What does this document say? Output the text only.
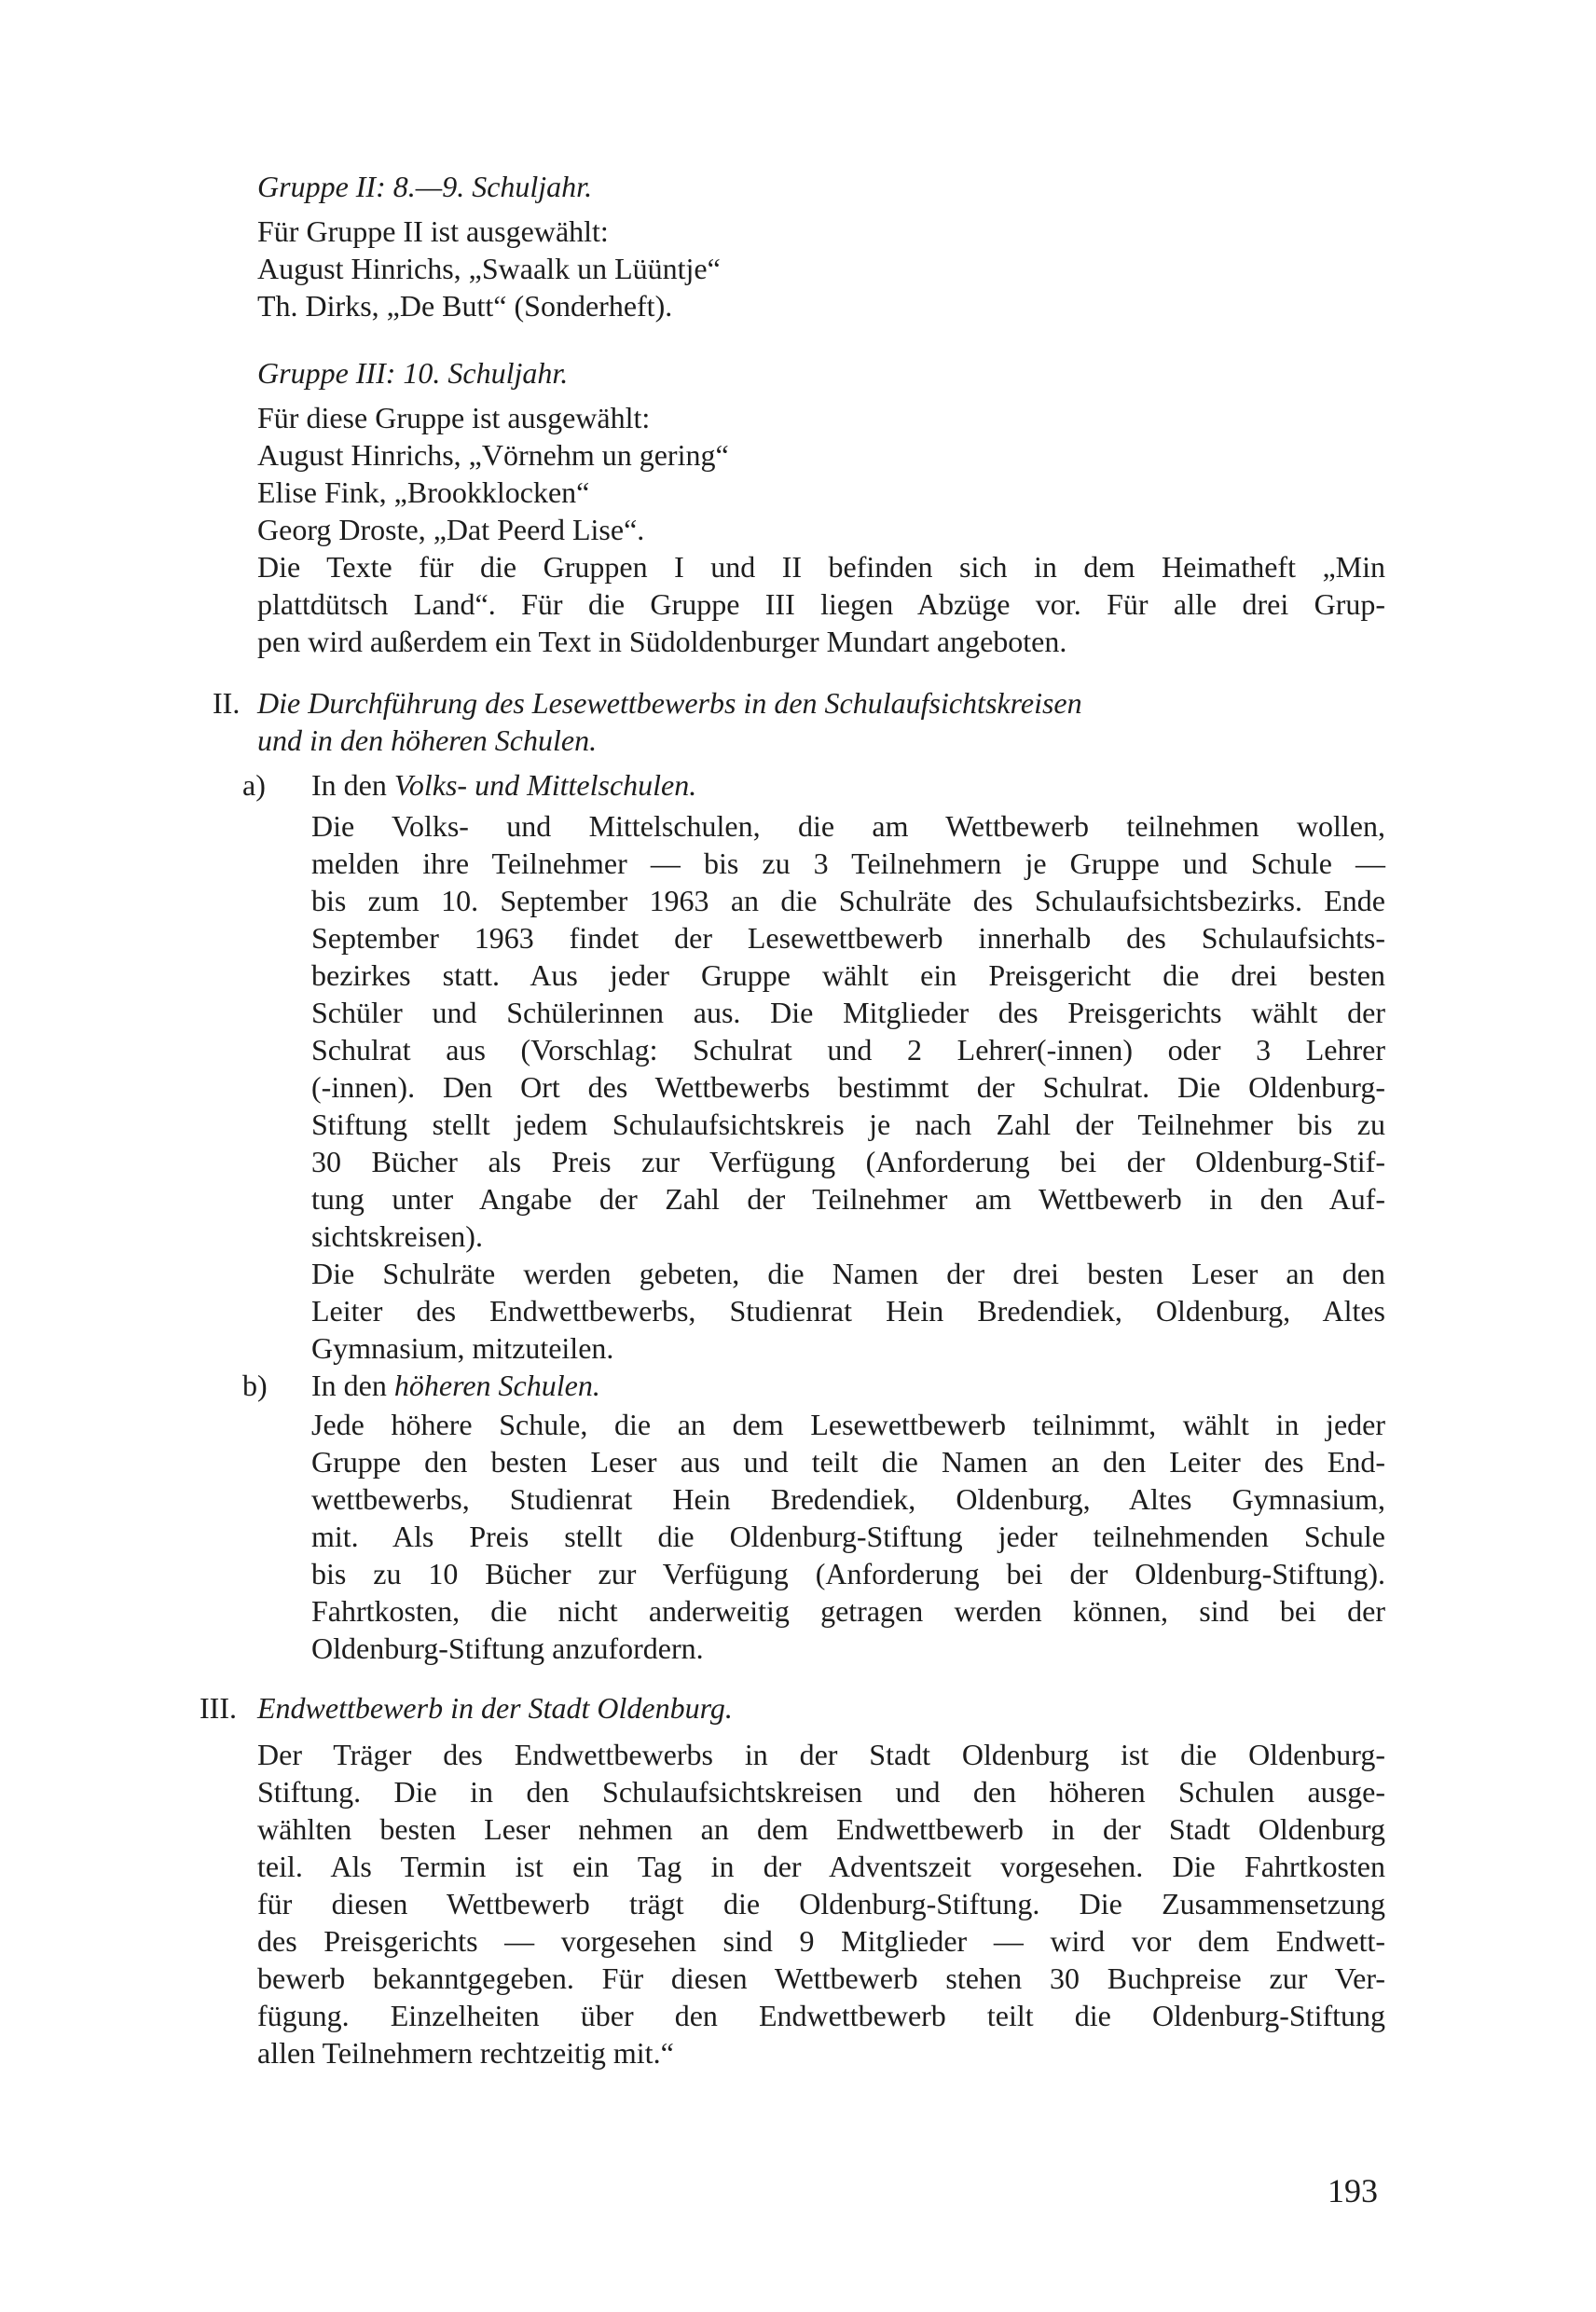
Gruppe II: 8.—9. Schuljahr.
Für Gruppe II ist ausgewählt:
August Hinrichs, „Swaalk un Lüüntje“
Th. Dirks, „De Butt“ (Sonderheft).
Gruppe III: 10. Schuljahr.
Für diese Gruppe ist ausgewählt:
August Hinrichs, „Vörnehm un gering“
Elise Fink, „Brookklocken“
Georg Droste, „Dat Peerd Lise“.
Die Texte für die Gruppen I und II befinden sich in dem Heimatheft „Min
plattdütsch Land“. Für die Gruppe III liegen Abzüge vor. Für alle drei Grup-
pen wird außerdem ein Text in Südoldenburger Mundart angeboten.
II. Die Durchführung des Lesewettbewerbs in den Schulaufsichtskreisen
und in den höheren Schulen.
a) In den Volks- und Mittelschulen.
Die Volks- und Mittelschulen, die am Wettbewerb teilnehmen wollen,
melden ihre Teilnehmer — bis zu 3 Teilnehmern je Gruppe und Schule —
bis zum 10. September 1963 an die Schulräte des Schulaufsichtsbezirks. Ende
September 1963 findet der Lesewettbewerb innerhalb des Schulaufsichts-
bezirkes statt. Aus jeder Gruppe wählt ein Preisgericht die drei besten
Schüler und Schülerinnen aus. Die Mitglieder des Preisgerichts wählt der
Schulrat aus (Vorschlag: Schulrat und 2 Lehrer(-innen) oder 3 Lehrer
(-innen). Den Ort des Wettbewerbs bestimmt der Schulrat. Die Oldenburg-
Stiftung stellt jedem Schulaufsichtskreis je nach Zahl der Teilnehmer bis zu
30 Bücher als Preis zur Verfügung (Anforderung bei der Oldenburg-Stif-
tung unter Angabe der Zahl der Teilnehmer am Wettbewerb in den Auf-
sichtskreisen).
Die Schulräte werden gebeten, die Namen der drei besten Leser an den
Leiter des Endwettbewerbs, Studienrat Hein Bredendiek, Oldenburg, Altes
Gymnasium, mitzuteilen.
b) In den höheren Schulen.
Jede höhere Schule, die an dem Lesewettbewerb teilnimmt, wählt in jeder
Gruppe den besten Leser aus und teilt die Namen an den Leiter des End-
wettbewerbs, Studienrat Hein Bredendiek, Oldenburg, Altes Gymnasium,
mit. Als Preis stellt die Oldenburg-Stiftung jeder teilnehmenden Schule
bis zu 10 Bücher zur Verfügung (Anforderung bei der Oldenburg-Stiftung).
Fahrtkosten, die nicht anderweitig getragen werden können, sind bei der
Oldenburg-Stiftung anzufordern.
III. Endwettbewerb in der Stadt Oldenburg.
Der Träger des Endwettbewerbs in der Stadt Oldenburg ist die Oldenburg-
Stiftung. Die in den Schulaufsichtskreisen und den höheren Schulen ausge-
wählten besten Leser nehmen an dem Endwettbewerb in der Stadt Oldenburg
teil. Als Termin ist ein Tag in der Adventszeit vorgesehen. Die Fahrtkosten
für diesen Wettbewerb trägt die Oldenburg-Stiftung. Die Zusammensetzung
des Preisgerichts — vorgesehen sind 9 Mitglieder — wird vor dem Endwett-
bewerb bekanntgegeben. Für diesen Wettbewerb stehen 30 Buchpreise zur Ver-
fügung. Einzelheiten über den Endwettbewerb teilt die Oldenburg-Stiftung
allen Teilnehmern rechtzeitig mit.“
193
